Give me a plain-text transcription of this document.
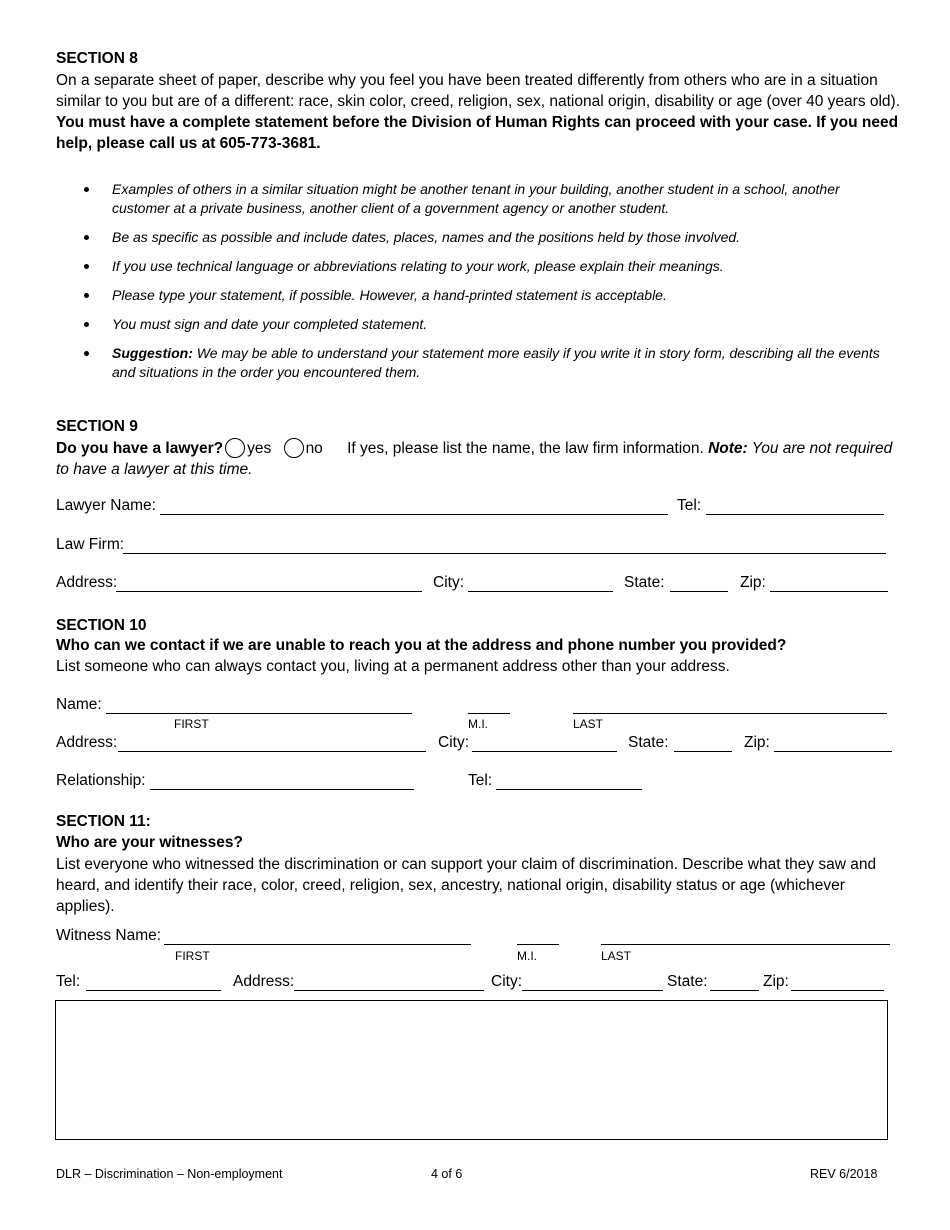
SECTION 8
On a separate sheet of paper, describe why you feel you have been treated differently from others who are in a situation similar to you but are of a different: race, skin color, creed, religion, sex, national origin, disability or age (over 40 years old). You must have a complete statement before the Division of Human Rights can proceed with your case. If you need help, please call us at 605-773-3681.
Examples of others in a similar situation might be another tenant in your building, another student in a school, another customer at a private business, another client of a government agency or another student.
Be as specific as possible and include dates, places, names and the positions held by those involved.
If you use technical language or abbreviations relating to your work, please explain their meanings.
Please type your statement, if possible. However, a hand-printed statement is acceptable.
You must sign and date your completed statement.
Suggestion: We may be able to understand your statement more easily if you write it in story form, describing all the events and situations in the order you encountered them.
SECTION 9
Do you have a lawyer? yes no If yes, please list the name, the law firm information. Note: You are not required to have a lawyer at this time.
Lawyer Name:	Tel:
Law Firm:
Address:	City:	State:	Zip:
SECTION 10
Who can we contact if we are unable to reach you at the address and phone number you provided?
List someone who can always contact you, living at a permanent address other than your address.
Name:
FIRST	M.I.	LAST
Address:	City:	State:	Zip:
Relationship:	Tel:
SECTION 11:
Who are your witnesses?
List everyone who witnessed the discrimination or can support your claim of discrimination. Describe what they saw and heard, and identify their race, color, creed, religion, sex, ancestry, national origin, disability status or age (whichever applies).
Witness Name:
FIRST	M.I.	LAST
Tel:	Address:	City:	State:	Zip:
DLR – Discrimination – Non-employment	4 of 6	REV 6/2018
